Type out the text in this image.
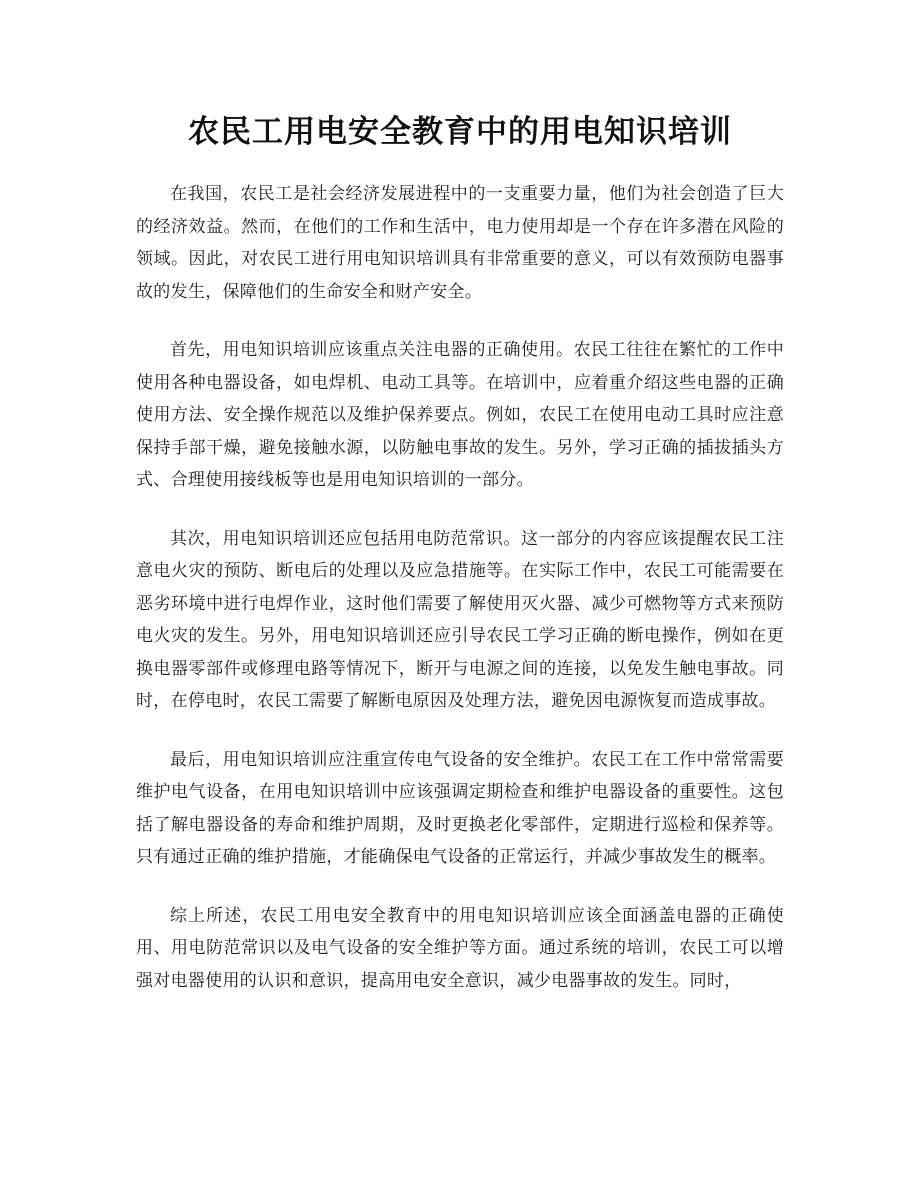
农民工用电安全教育中的用电知识培训

在我国，农民工是社会经济发展进程中的一支重要力量，他们为社会创造了巨大的经济效益。然而，在他们的工作和生活中，电力使用却是一个存在许多潜在风险的领域。因此，对农民工进行用电知识培训具有非常重要的意义，可以有效预防电器事故的发生，保障他们的生命安全和财产安全。

首先，用电知识培训应该重点关注电器的正确使用。农民工往往在繁忙的工作中使用各种电器设备，如电焊机、电动工具等。在培训中，应着重介绍这些电器的正确使用方法、安全操作规范以及维护保养要点。例如，农民工在使用电动工具时应注意保持手部干燥，避免接触水源，以防触电事故的发生。另外，学习正确的插拔插头方式、合理使用接线板等也是用电知识培训的一部分。

其次，用电知识培训还应包括用电防范常识。这一部分的内容应该提醒农民工注意电火灾的预防、断电后的处理以及应急措施等。在实际工作中，农民工可能需要在恶劣环境中进行电焊作业，这时他们需要了解使用灭火器、减少可燃物等方式来预防电火灾的发生。另外，用电知识培训还应引导农民工学习正确的断电操作，例如在更换电器零部件或修理电路等情况下，断开与电源之间的连接，以免发生触电事故。同时，在停电时，农民工需要了解断电原因及处理方法，避免因电源恢复而造成事故。

最后，用电知识培训应注重宣传电气设备的安全维护。农民工在工作中常常需要维护电气设备，在用电知识培训中应该强调定期检查和维护电器设备的重要性。这包括了解电器设备的寿命和维护周期，及时更换老化零部件，定期进行巡检和保养等。只有通过正确的维护措施，才能确保电气设备的正常运行，并减少事故发生的概率。

综上所述，农民工用电安全教育中的用电知识培训应该全面涵盖电器的正确使用、用电防范常识以及电气设备的安全维护等方面。通过系统的培训，农民工可以增强对电器使用的认识和意识，提高用电安全意识，减少电器事故的发生。同时，
